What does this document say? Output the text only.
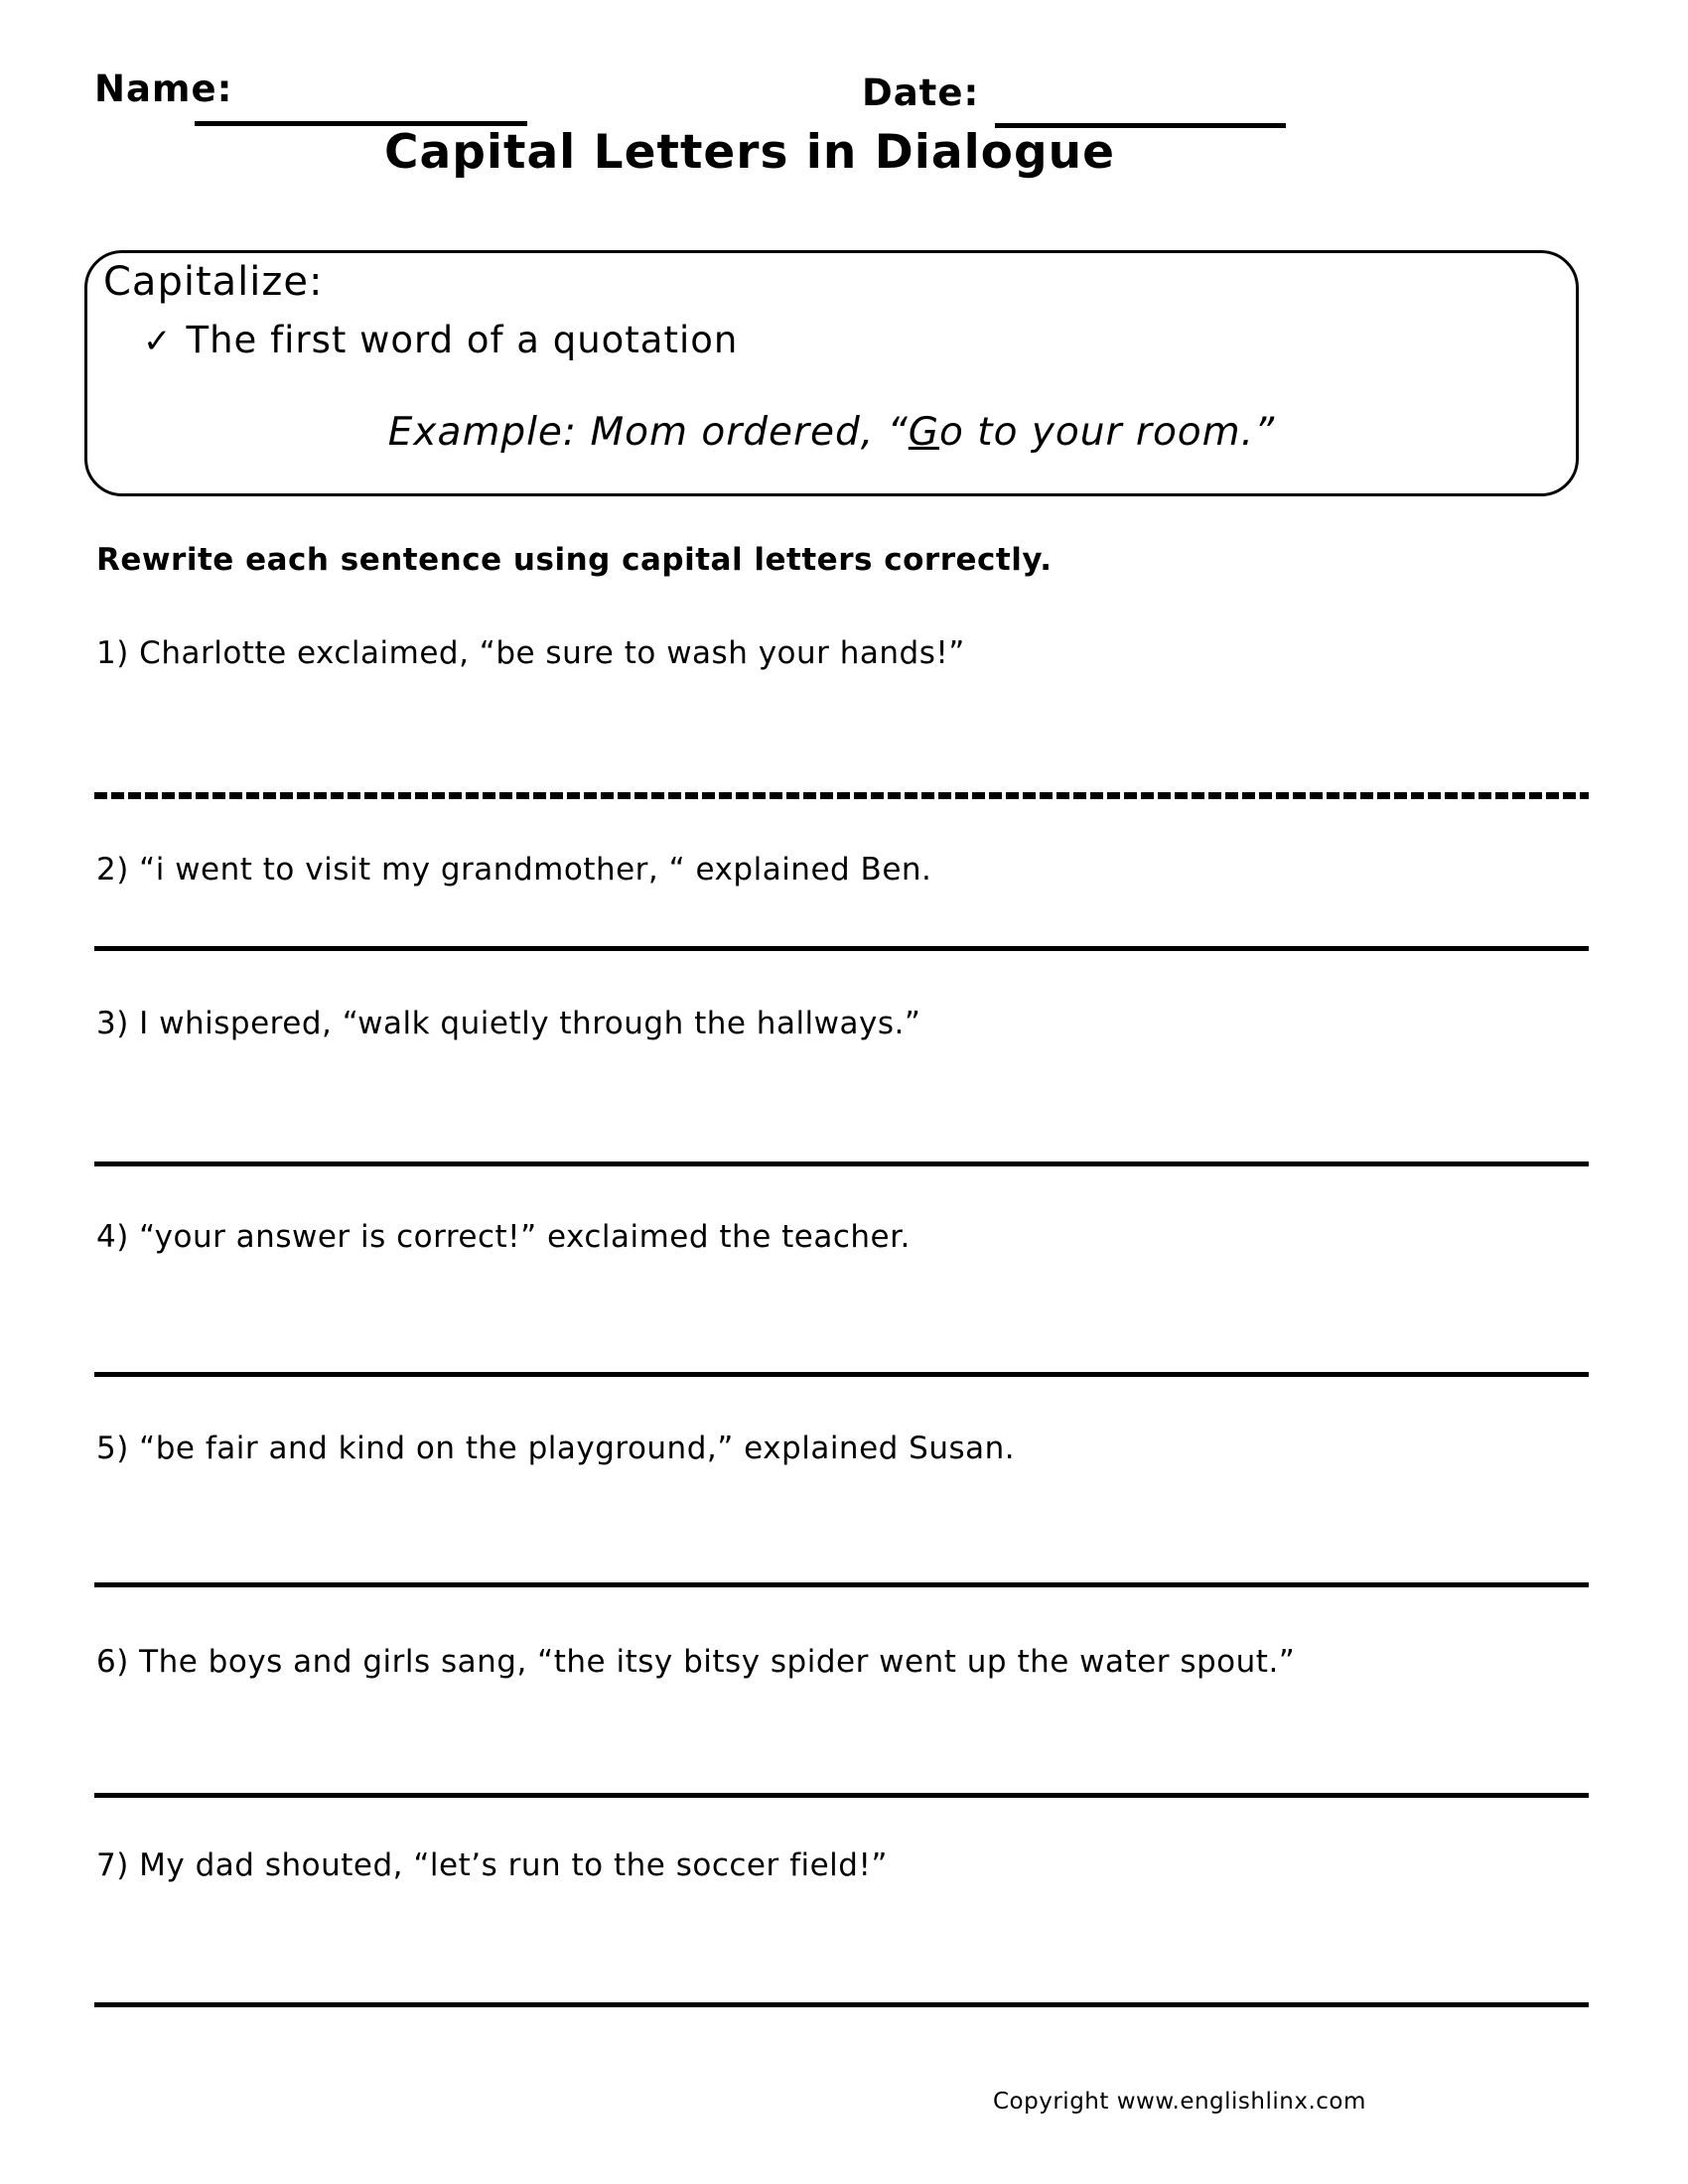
Name:	Date:
Capital Letters in Dialogue
Capitalize:
✓ The first word of a quotation
Example: Mom ordered, “Go to your room.”
Rewrite each sentence using capital letters correctly.
1) Charlotte exclaimed, “be sure to wash your hands!”
2) “i went to visit my grandmother, “ explained Ben.
3) I whispered, “walk quietly through the hallways.”
4) “your answer is correct!” exclaimed the teacher.
5) “be fair and kind on the playground,” explained Susan.
6) The boys and girls sang, “the itsy bitsy spider went up the water spout.”
7) My dad shouted, “let’s run to the soccer field!”
Copyright www.englishlinx.com
